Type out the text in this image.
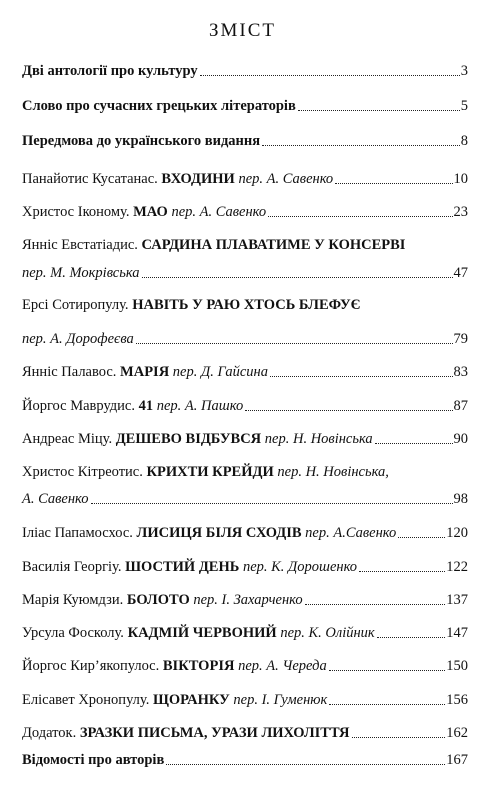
ЗМІСТ
Дві антології про культуру	3
Слово про сучасних грецьких літераторів	5
Передмова до українського видання	8
Панайотис Кусатанас. ВХОДИНИ пер. А. Савенко	10
Христос Іконому. МАО пер. А. Савенко	23
Янніс Евстатіадис. САРДИНА ПЛАВАТИМЕ У КОНСЕРВІ
пер. М. Мокрівська	47
Ерсі Сотиропулу. НАВІТЬ У РАЮ ХТОСЬ БЛЕФУЄ
пер. А. Дорофеєва	79
Янніс Палавос. МАРІЯ пер. Д. Гайсина	83
Йоргос Маврудис. 41 пер. А. Пашко	87
Андреас Міцу. ДЕШЕВО ВІДБУВСЯ пер. Н. Новінська	90
Христос Кітреотис. КРИХТИ КРЕЙДИ пер. Н. Новінська,
А. Савенко	98
Іліас Папамосхос. ЛИСИЦЯ БІЛЯ СХОДІВ пер. А.Савенко	120
Василія Георгіу. ШОСТИЙ ДЕНЬ пер. К. Дорошенко	122
Марія Куюмдзи. БОЛОТО пер. І. Захарченко	137
Урсула Фосколу. КАДМІЙ ЧЕРВОНИЙ пер. К. Олійник	147
Йоргос Кир’якопулос. ВІКТОРІЯ пер. А. Череда	150
Елісавет Хронопулу. ЩОРАНКУ пер. І. Гуменюк	156
Додаток. ЗРАЗКИ ПИСЬМА, УРАЗИ ЛИХОЛІТТЯ	162
Відомості про авторів	167
